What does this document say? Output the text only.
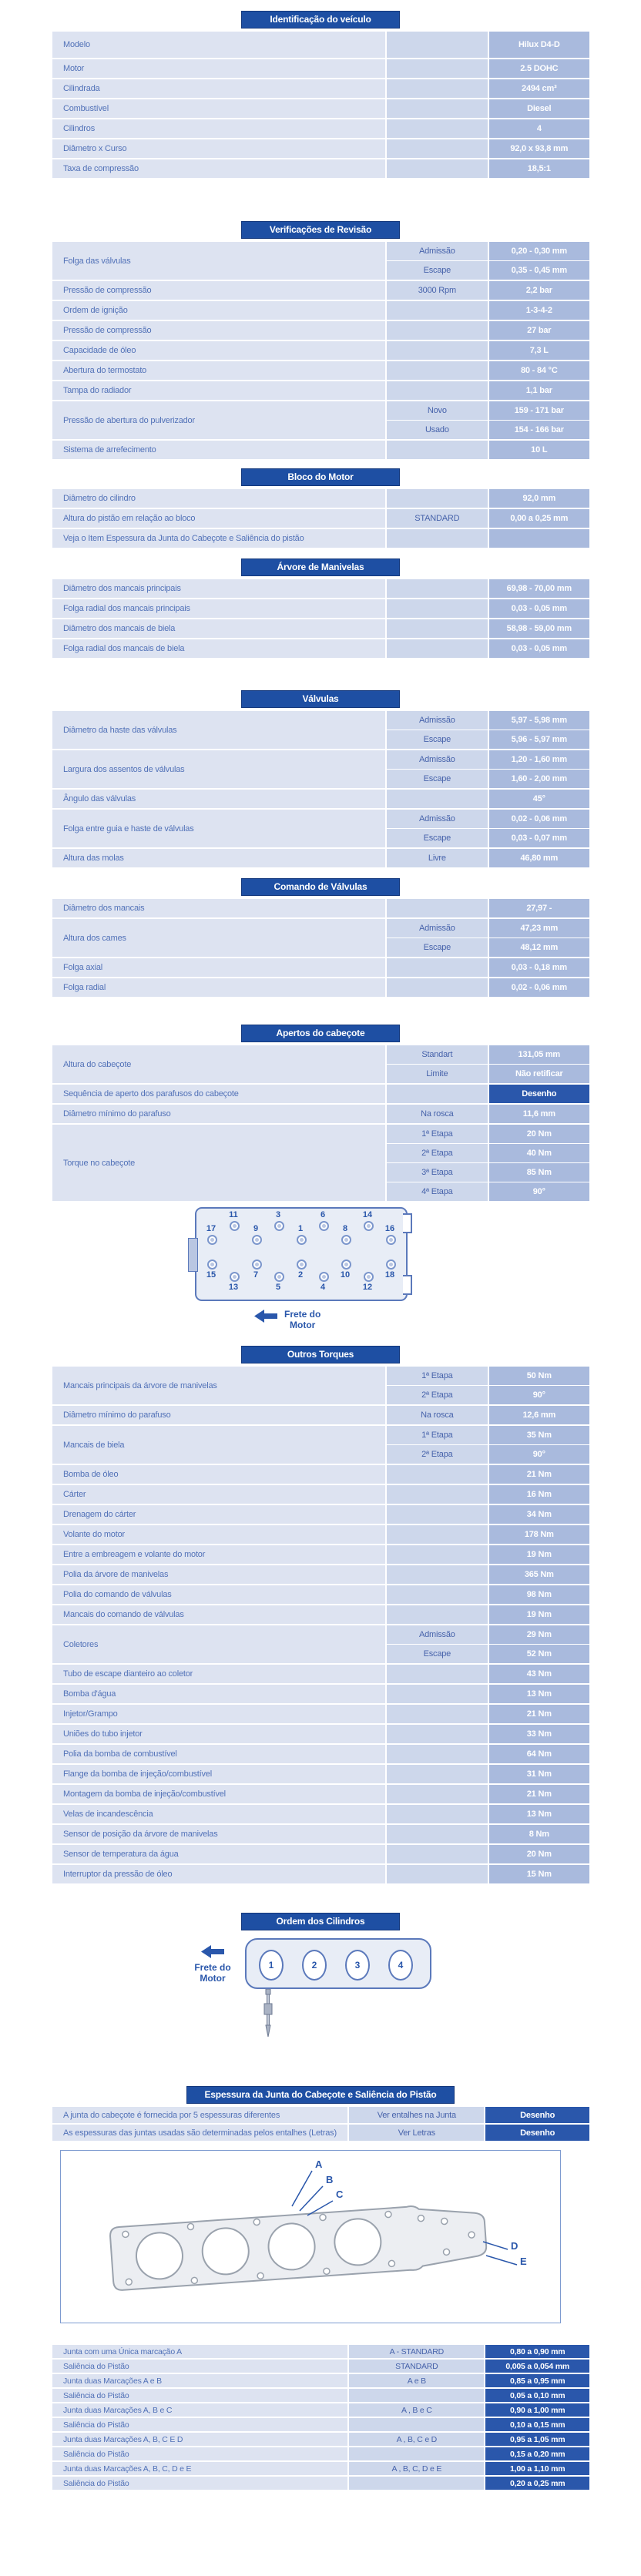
Identificação do veículo
Modelo	Hilux D4-D
Motor	2.5 DOHC
Cilindrada	2494 cm³
Combustível	Diesel
Cilindros	4
Diâmetro x Curso	92,0 x 93,8 mm
Taxa de compressão	18,5:1
Verificações de Revisão
Folga das válvulas
Admissão	0,20 - 0,30 mm
Escape	0,35 - 0,45 mm
Pressão de compressão	3000 Rpm	2,2 bar
Ordem de ignição	1-3-4-2
Pressão de compressão	27 bar
Capacidade de óleo	7,3 L
Abertura do termostato	80 - 84 °C
Tampa do radiador	1,1 bar
Pressão de abertura do pulverizador
Novo	159 - 171 bar
Usado	154 - 166 bar
Sistema de arrefecimento	10 L
Bloco do Motor
Diâmetro do cilindro	92,0 mm
Altura do pistão em relação ao bloco	STANDARD	0,00 a 0,25 mm
Veja o Item Espessura da Junta do Cabeçote e Saliência do pistão
Árvore de Manivelas
Diâmetro dos mancais principais	69,98 - 70,00 mm
Folga radial dos mancais principais	0,03 - 0,05 mm
Diâmetro dos mancais de biela	58,98 - 59,00 mm
Folga radial dos mancais de biela	0,03 - 0,05 mm
Válvulas
Diâmetro da haste das válvulas
Admissão	5,97 - 5,98 mm
Escape	5,96 - 5,97 mm
Largura dos assentos de válvulas
Admissão	1,20 - 1,60 mm
Escape	1,60 - 2,00 mm
Ângulo das válvulas	45°
Folga entre guia e haste de válvulas
Admissão	0,02 - 0,06 mm
Escape	0,03 - 0,07 mm
Altura das molas	Livre	46,80 mm
Comando de Válvulas
Diâmetro dos mancais	27,97 -
Altura dos cames
Admissão	47,23 mm
Escape	48,12 mm
Folga axial	0,03 - 0,18 mm
Folga radial	0,02 - 0,06 mm
Apertos do cabeçote
Altura do cabeçote
Standart	131,05 mm
Limite	Não retificar
Sequência de aperto dos parafusos do cabeçote	Desenho
Diâmetro mínimo do parafuso	Na rosca	11,6 mm
Torque no cabeçote
1ª Etapa	20 Nm
2ª Etapa	40 Nm
3ª Etapa	85 Nm
4ª Etapa	90°
17
11
9
3
1
6
8
14
16
15
13
7
5
2
4
10
12
18
Frete do
Motor
Outros Torques
Mancais principais da árvore de manivelas
1ª Etapa	50 Nm
2ª Etapa	90°
Diâmetro mínimo do parafuso	Na rosca	12,6 mm
Mancais de biela
1ª Etapa	35 Nm
2ª Etapa	90°
Bomba de óleo	21 Nm
Cárter	16 Nm
Drenagem do cárter	34 Nm
Volante do motor	178 Nm
Entre a embreagem e volante do motor	19 Nm
Polia da árvore de manivelas	365 Nm
Polia do comando de válvulas	98 Nm
Mancais do comando de válvulas	19 Nm
Coletores
Admissão	29 Nm
Escape	52 Nm
Tubo de escape dianteiro ao coletor	43 Nm
Bomba d'água	13 Nm
Injetor/Grampo	21 Nm
Uniões do tubo injetor	33 Nm
Polia da bomba de combustível	64 Nm
Flange da bomba de injeção/combustível	31 Nm
Montagem da bomba de injeção/combustível	21 Nm
Velas de incandescência	13 Nm
Sensor de posição da árvore de manivelas	8 Nm
Sensor de temperatura da água	20 Nm
Interruptor da pressão de óleo	15 Nm
Ordem dos Cilindros
Frete do
Motor
1	2	3	4
Espessura da Junta do Cabeçote e Saliência do Pistão
A junta do cabeçote é fornecida por 5 espessuras diferentes	Ver entalhes na Junta	Desenho
As espessuras das juntas usadas são determinadas pelos entalhes (Letras)	Ver Letras	Desenho
A
B
C
D
E
Junta com uma Única marcação A	A - STANDARD	0,80 a 0,90 mm
Saliência do Pistão	STANDARD	0,005 a 0,054 mm
Junta duas Marcações A e B	A e B	0,85 a 0,95 mm
Saliência do Pistão	0,05 a 0,10 mm
Junta duas Marcações A, B e C	A , B e C	0,90 a 1,00 mm
Saliência do Pistão	0,10 a 0,15 mm
Junta duas Marcações A, B, C E D	A , B, C e D	0,95 a 1,05 mm
Saliência do Pistão	0,15 a 0,20 mm
Junta duas Marcações A, B, C, D e E	A , B, C, D e E	1,00 a 1,10 mm
Saliência do Pistão	0,20 a 0,25 mm
